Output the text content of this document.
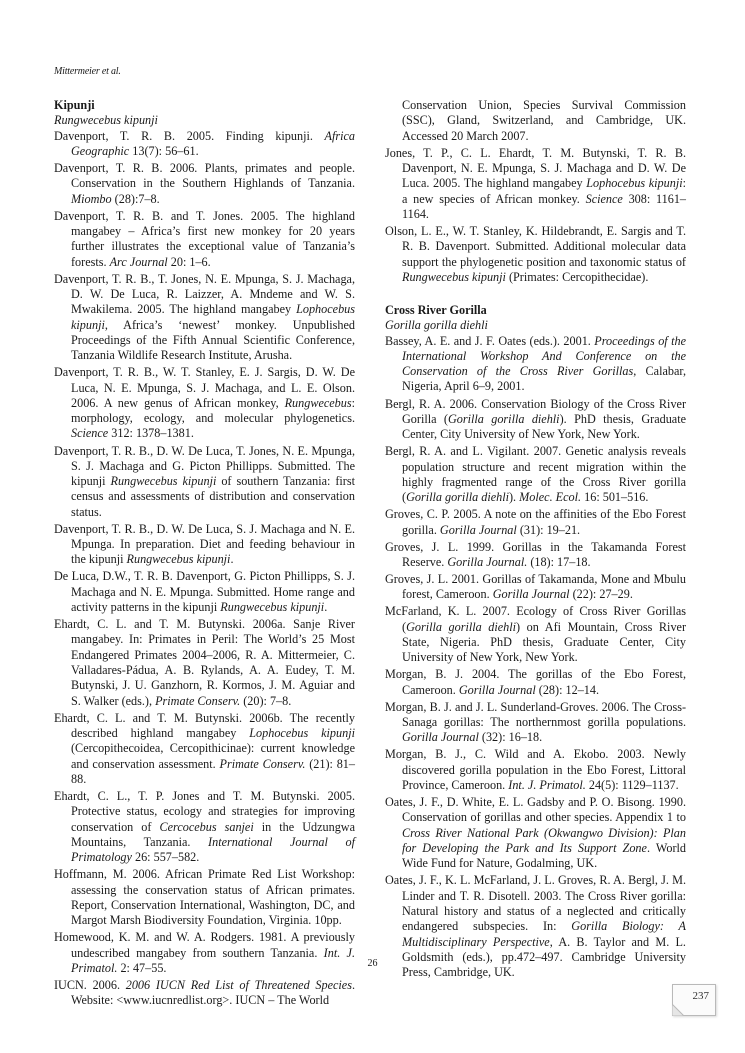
Mittermeier et al.

Kipunji

Rungwecebus kipunji

Davenport, T. R. B. 2005. Finding kipunji. Africa Geographic 13(7): 56–61.

Davenport, T. R. B. 2006. Plants, primates and people. Conservation in the Southern Highlands of Tanzania. Miombo (28):7–8.

Davenport, T. R. B. and T. Jones. 2005. The highland mangabey – Africa’s first new monkey for 20 years further illustrates the exceptional value of Tanzania’s forests. Arc Journal 20: 1–6.

Davenport, T. R. B., T. Jones, N. E. Mpunga, S. J. Machaga, D. W. De Luca, R. Laizzer, A. Mndeme and W. S. Mwakilema. 2005. The highland mangabey Lophocebus kipunji, Africa’s ‘newest’ monkey. Unpublished Proceedings of the Fifth Annual Scientific Conference, Tanzania Wildlife Research Institute, Arusha.

Davenport, T. R. B., W. T. Stanley, E. J. Sargis, D. W. De Luca, N. E. Mpunga, S. J. Machaga, and L. E. Olson. 2006. A new genus of African monkey, Rungwecebus: morphology, ecology, and molecular phylogenetics. Science 312: 1378–1381.

Davenport, T. R. B., D. W. De Luca, T. Jones, N. E. Mpunga, S. J. Machaga and G. Picton Phillipps. Submitted. The kipunji Rungwecebus kipunji of southern Tanzania: first census and assessments of distribution and conservation status.

Davenport, T. R. B., D. W. De Luca, S. J. Machaga and N. E. Mpunga. In preparation. Diet and feeding behaviour in the kipunji Rungwecebus kipunji.

De Luca, D.W., T. R. B. Davenport, G. Picton Phillipps, S. J. Machaga and N. E. Mpunga. Submitted. Home range and activity patterns in the kipunji Rungwecebus kipunji.

Ehardt, C. L. and T. M. Butynski. 2006a. Sanje River mangabey. In: Primates in Peril: The World’s 25 Most Endangered Primates 2004–2006, R. A. Mittermeier, C. Valladares-Pádua, A. B. Rylands, A. A. Eudey, T. M. Butynski, J. U. Ganzhorn, R. Kormos, J. M. Aguiar and S. Walker (eds.), Primate Conserv. (20): 7–8.

Ehardt, C. L. and T. M. Butynski. 2006b. The recently described highland mangabey Lophocebus kipunji (Cercopithecoidea, Cercopithicinae): current knowledge and conservation assessment. Primate Conserv. (21): 81–88.

Ehardt, C. L., T. P. Jones and T. M. Butynski. 2005. Protective status, ecology and strategies for improving conservation of Cercocebus sanjei in the Udzungwa Mountains, Tanzania. International Journal of Primatology 26: 557–582.

Hoffmann, M. 2006. African Primate Red List Workshop: assessing the conservation status of African primates. Report, Conservation International, Washington, DC, and Margot Marsh Biodiversity Foundation, Virginia. 10pp.

Homewood, K. M. and W. A. Rodgers. 1981. A previously undescribed mangabey from southern Tanzania. Int. J. Primatol. 2: 47–55.

IUCN. 2006. 2006 IUCN Red List of Threatened Species. Website: <www.iucnredlist.org>. IUCN – The World

Conservation Union, Species Survival Commission (SSC), Gland, Switzerland, and Cambridge, UK. Accessed 20 March 2007.

Jones, T. P., C. L. Ehardt, T. M. Butynski, T. R. B. Davenport, N. E. Mpunga, S. J. Machaga and D. W. De Luca. 2005. The highland mangabey Lophocebus kipunji: a new species of African monkey. Science 308: 1161–1164.

Olson, L. E., W. T. Stanley, K. Hildebrandt, E. Sargis and T. R. B. Davenport. Submitted. Additional molecular data support the phylogenetic position and taxonomic status of Rungwecebus kipunji (Primates: Cercopithecidae).

Cross River Gorilla

Gorilla gorilla diehli

Bassey, A. E. and J. F. Oates (eds.). 2001. Proceedings of the International Workshop And Conference on the Conservation of the Cross River Gorillas, Calabar, Nigeria, April 6–9, 2001.

Bergl, R. A. 2006. Conservation Biology of the Cross River Gorilla (Gorilla gorilla diehli). PhD thesis, Graduate Center, City University of New York, New York.

Bergl, R. A. and L. Vigilant. 2007. Genetic analysis reveals population structure and recent migration within the highly fragmented range of the Cross River gorilla (Gorilla gorilla diehli). Molec. Ecol. 16: 501–516.

Groves, C. P. 2005. A note on the affinities of the Ebo Forest gorilla. Gorilla Journal (31): 19–21.

Groves, J. L. 1999. Gorillas in the Takamanda Forest Reserve. Gorilla Journal. (18): 17–18.

Groves, J. L. 2001. Gorillas of Takamanda, Mone and Mbulu forest, Cameroon. Gorilla Journal (22): 27–29.

McFarland, K. L. 2007. Ecology of Cross River Gorillas (Gorilla gorilla diehli) on Afi Mountain, Cross River State, Nigeria. PhD thesis, Graduate Center, City University of New York, New York.

Morgan, B. J. 2004. The gorillas of the Ebo Forest, Cameroon. Gorilla Journal (28): 12–14.

Morgan, B. J. and J. L. Sunderland-Groves. 2006. The Cross-Sanaga gorillas: The northernmost gorilla populations. Gorilla Journal (32): 16–18.

Morgan, B. J., C. Wild and A. Ekobo. 2003. Newly discovered gorilla population in the Ebo Forest, Littoral Province, Cameroon. Int. J. Primatol. 24(5): 1129–1137.

Oates, J. F., D. White, E. L. Gadsby and P. O. Bisong. 1990. Conservation of gorillas and other species. Appendix 1 to Cross River National Park (Okwangwo Division): Plan for Developing the Park and Its Support Zone. World Wide Fund for Nature, Godalming, UK.

Oates, J. F., K. L. McFarland, J. L. Groves, R. A. Bergl, J. M. Linder and T. R. Disotell. 2003. The Cross River gorilla: Natural history and status of a neglected and critically endangered subspecies. In: Gorilla Biology: A Multidisciplinary Perspective, A. B. Taylor and M. L. Goldsmith (eds.), pp.472–497. Cambridge University Press, Cambridge, UK.

26
237
